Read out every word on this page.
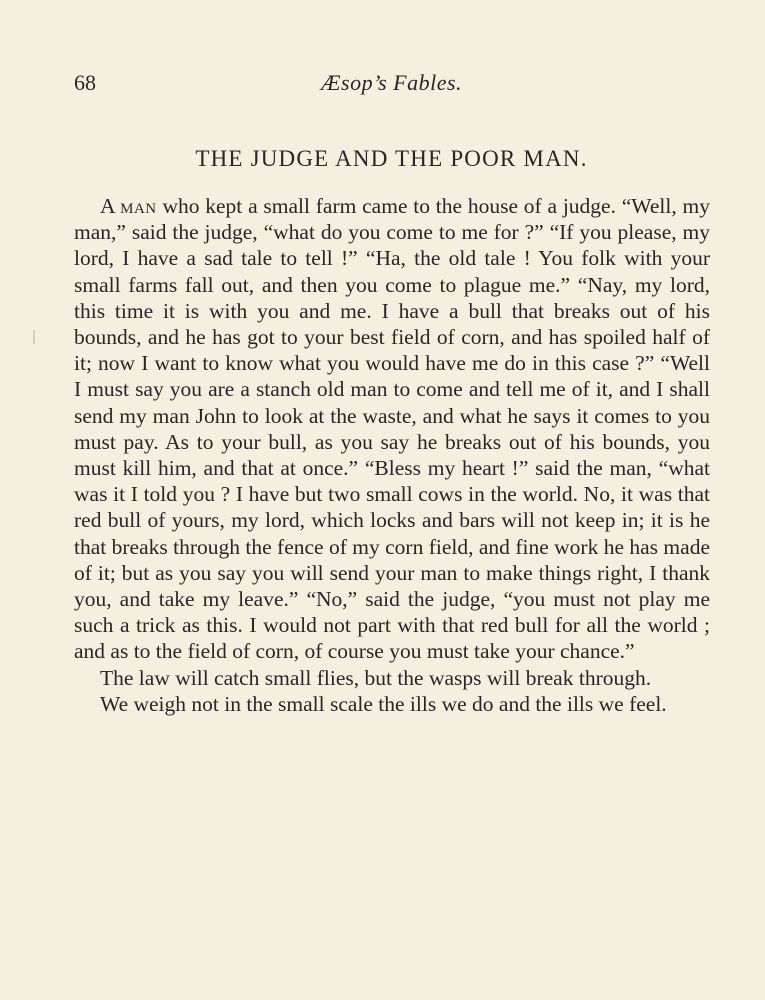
68	Æsop’s Fables.
THE JUDGE AND THE POOR MAN.

A man who kept a small farm came to the house of a judge. “Well, my man,” said the judge, “what do you come to me for ?” “If you please, my lord, I have a sad tale to tell !” “Ha, the old tale ! You folk with your small farms fall out, and then you come to plague me.” “Nay, my lord, this time it is with you and me. I have a bull that breaks out of his bounds, and he has got to your best field of corn, and has spoiled half of it; now I want to know what you would have me do in this case ?” “Well I must say you are a stanch old man to come and tell me of it, and I shall send my man John to look at the waste, and what he says it comes to you must pay. As to your bull, as you say he breaks out of his bounds, you must kill him, and that at once.” “Bless my heart !” said the man, “what was it I told you ? I have but two small cows in the world. No, it was that red bull of yours, my lord, which locks and bars will not keep in; it is he that breaks through the fence of my corn field, and fine work he has made of it; but as you say you will send your man to make things right, I thank you, and take my leave.” “No,” said the judge, “you must not play me such a trick as this. I would not part with that red bull for all the world ; and as to the field of corn, of course you must take your chance.”

The law will catch small flies, but the wasps will break through.

We weigh not in the small scale the ills we do and the ills we feel.
